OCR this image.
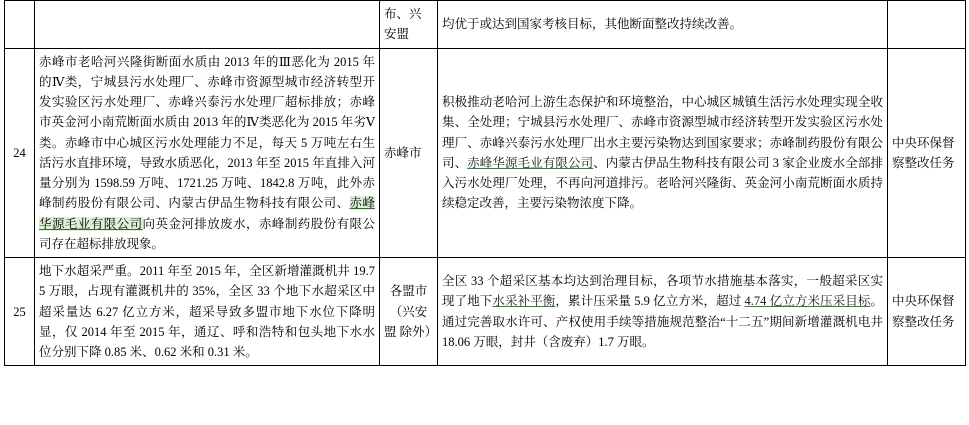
		布、兴安盟	均优于或达到国家考核目标，其他断面整改持续改善。	
24	赤峰市老哈河兴隆街断面水质由 2013 年的Ⅲ恶化为 2015 年的Ⅳ类，宁城县污水处理厂、赤峰市资源型城市经济转型开发实验区污水处理厂、赤峰兴泰污水处理厂超标排放；赤峰市英金河小南荒断面水质由 2013 年的Ⅳ类恶化为 2015 年劣Ⅴ类。赤峰市中心城区污水处理能力不足，每天 5 万吨左右生活污水直排环境，导致水质恶化，2013 年至 2015 年直排入河量分别为 1598.59 万吨、1721.25 万吨、1842.8 万吨，此外赤峰制药股份有限公司、内蒙古伊品生物科技有限公司、赤峰华源毛业有限公司向英金河排放废水，赤峰制药股份有限公司存在超标排放现象。	赤峰市	积极推动老哈河上游生态保护和环境整治，中心城区城镇生活污水处理实现全收集、全处理；宁城县污水处理厂、赤峰市资源型城市经济转型开发实验区污水处理厂、赤峰兴泰污水处理厂出水主要污染物达到国家要求；赤峰制药股份有限公司、赤峰华源毛业有限公司、内蒙古伊品生物科技有限公司 3 家企业废水全部排入污水处理厂处理，不再向河道排污。老哈河兴隆街、英金河小南荒断面水质持续稳定改善，主要污染物浓度下降。	中央环保督察整改任务
25	地下水超采严重。2011 年至 2015 年，全区新增灌溉机井 19.75 万眼，占现有灌溉机井的 35%，全区 33 个地下水超采区中超采量达 6.27 亿立方米，超采导致多盟市地下水位下降明显，仅 2014 年至 2015 年，通辽、呼和浩特和包头地下水水位分别下降 0.85 米、0.62 米和 0.31 米。	各盟市（兴安盟 除外）	全区 33 个超采区基本均达到治理目标，各项节水措施基本落实，一般超采区实现了地下水采补平衡，累计压采量 5.9 亿立方米，超过 4.74 亿立方米压采目标。通过完善取水许可、产权使用手续等措施规范整治“十二五”期间新增灌溉机电井 18.06 万眼，封井（含废弃）1.7 万眼。	中央环保督察整改任务
